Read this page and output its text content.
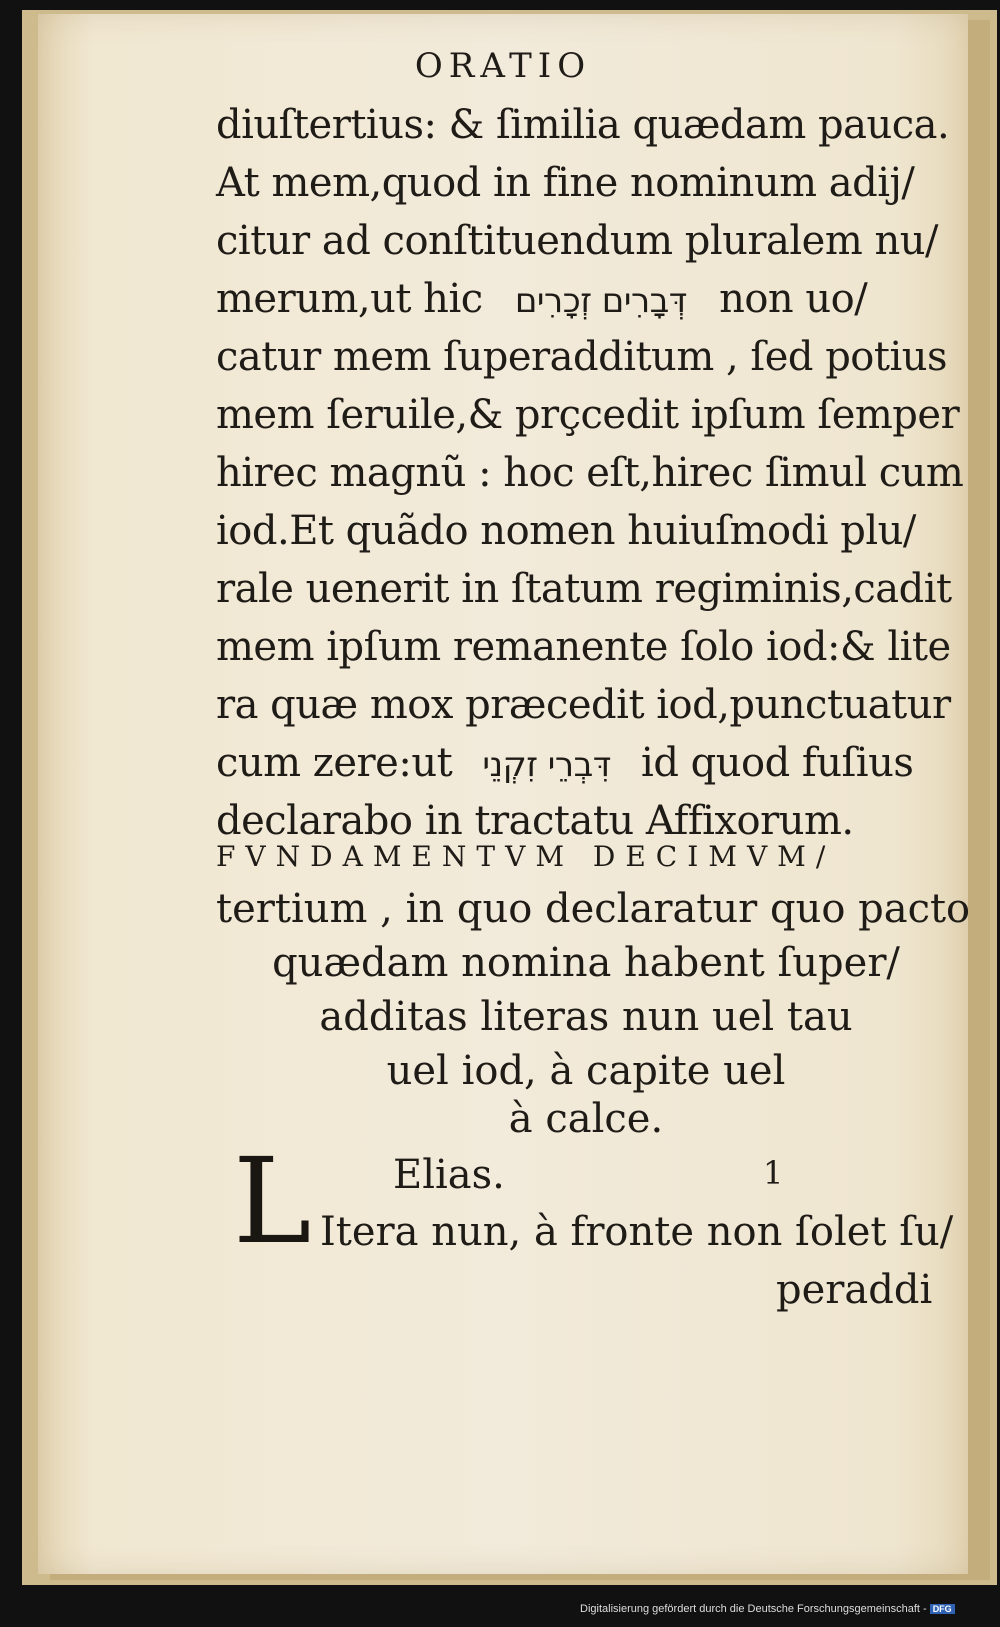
ORATIO
diuſtertius: & ſimilia quædam pauca.
At mem,quod in fine nominum adij/
citur ad conſtituendum pluralem nu/
merum,ut hic דְּבָרִים זְכָרִים non uo/
catur mem ſuperadditum , ſed potius
mem ſeruile,& prçcedit ipſum ſemper
hirec magnũ : hoc eſt,hirec ſimul cum
iod.Et quãdo nomen huiuſmodi plu/
rale uenerit in ſtatum regiminis,cadit
mem ipſum remanente ſolo iod:& lite
ra quæ mox præcedit iod,punctuatur
cum zere:ut דִּבְרֵי זִקְנֵי id quod fuſius
declarabo in tractatu Affixorum.
FVNDAMENTVM DECIMVM/
tertium , in quo declaratur quo pacto
quædam nomina habent ſuper/
additas literas nun uel tau
uel iod, à capite uel
L Elias.	1
Itera nun, à fronte non ſolet ſu/
peraddi
à calce.
Digitalisierung gefördert durch die Deutsche Forschungsgemeinschaft - DFG
